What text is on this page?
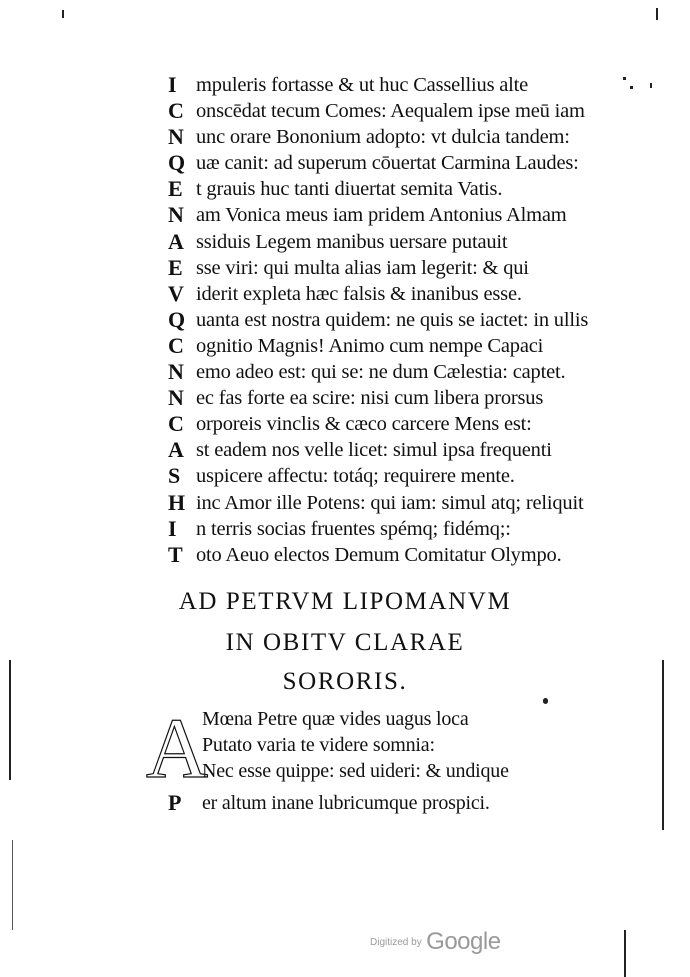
I mpuleris fortasse & ut huc Cassellius alte
C onscēdat tecum Comes: Aequalem ipse meū iam
N unc orare Bononium adopto: vt dulcia tandem:
Q uæ canit: ad superum cōuertat Carmina Laudes:
E t grauis huc tanti diuertat semita Vatis.
N am Vonica meus iam pridem Antonius Almam
A ssiduis Legem manibus uersare putauit
E sse viri: qui multa alias iam legerit: & qui
V iderit expleta hæc falsis & inanibus esse.
Q uanta est nostra quidem: ne quis se iactet: in ullis
C ognitio Magnis! Animo cum nempe Capaci
N emo adeo est: qui se: ne dum Cælestia: captet.
N ec fas forte ea scire: nisi cum libera prorsus
C orporeis vinclis & cæco carcere Mens est:
A st eadem nos velle licet: simul ipsa frequenti
S uspicere affectu: totáq; requirere mente.
H inc Amor ille Potens: qui iam: simul atq; reliquit
I n terris socias fruentes spémq; fidémq;:
T oto Aeuo electos Demum Comitatur Olympo.
AD PETRVM LIPOMANVM
IN OBITV CLARAE
SORORIS.
A
Mœna Petre quæ vides uagus loca
Putato varia te videre somnia:
Nec esse quippe: sed uideri: & undique
P er altum inane lubricumque prospici.
$^{Digitized by}$ Google
